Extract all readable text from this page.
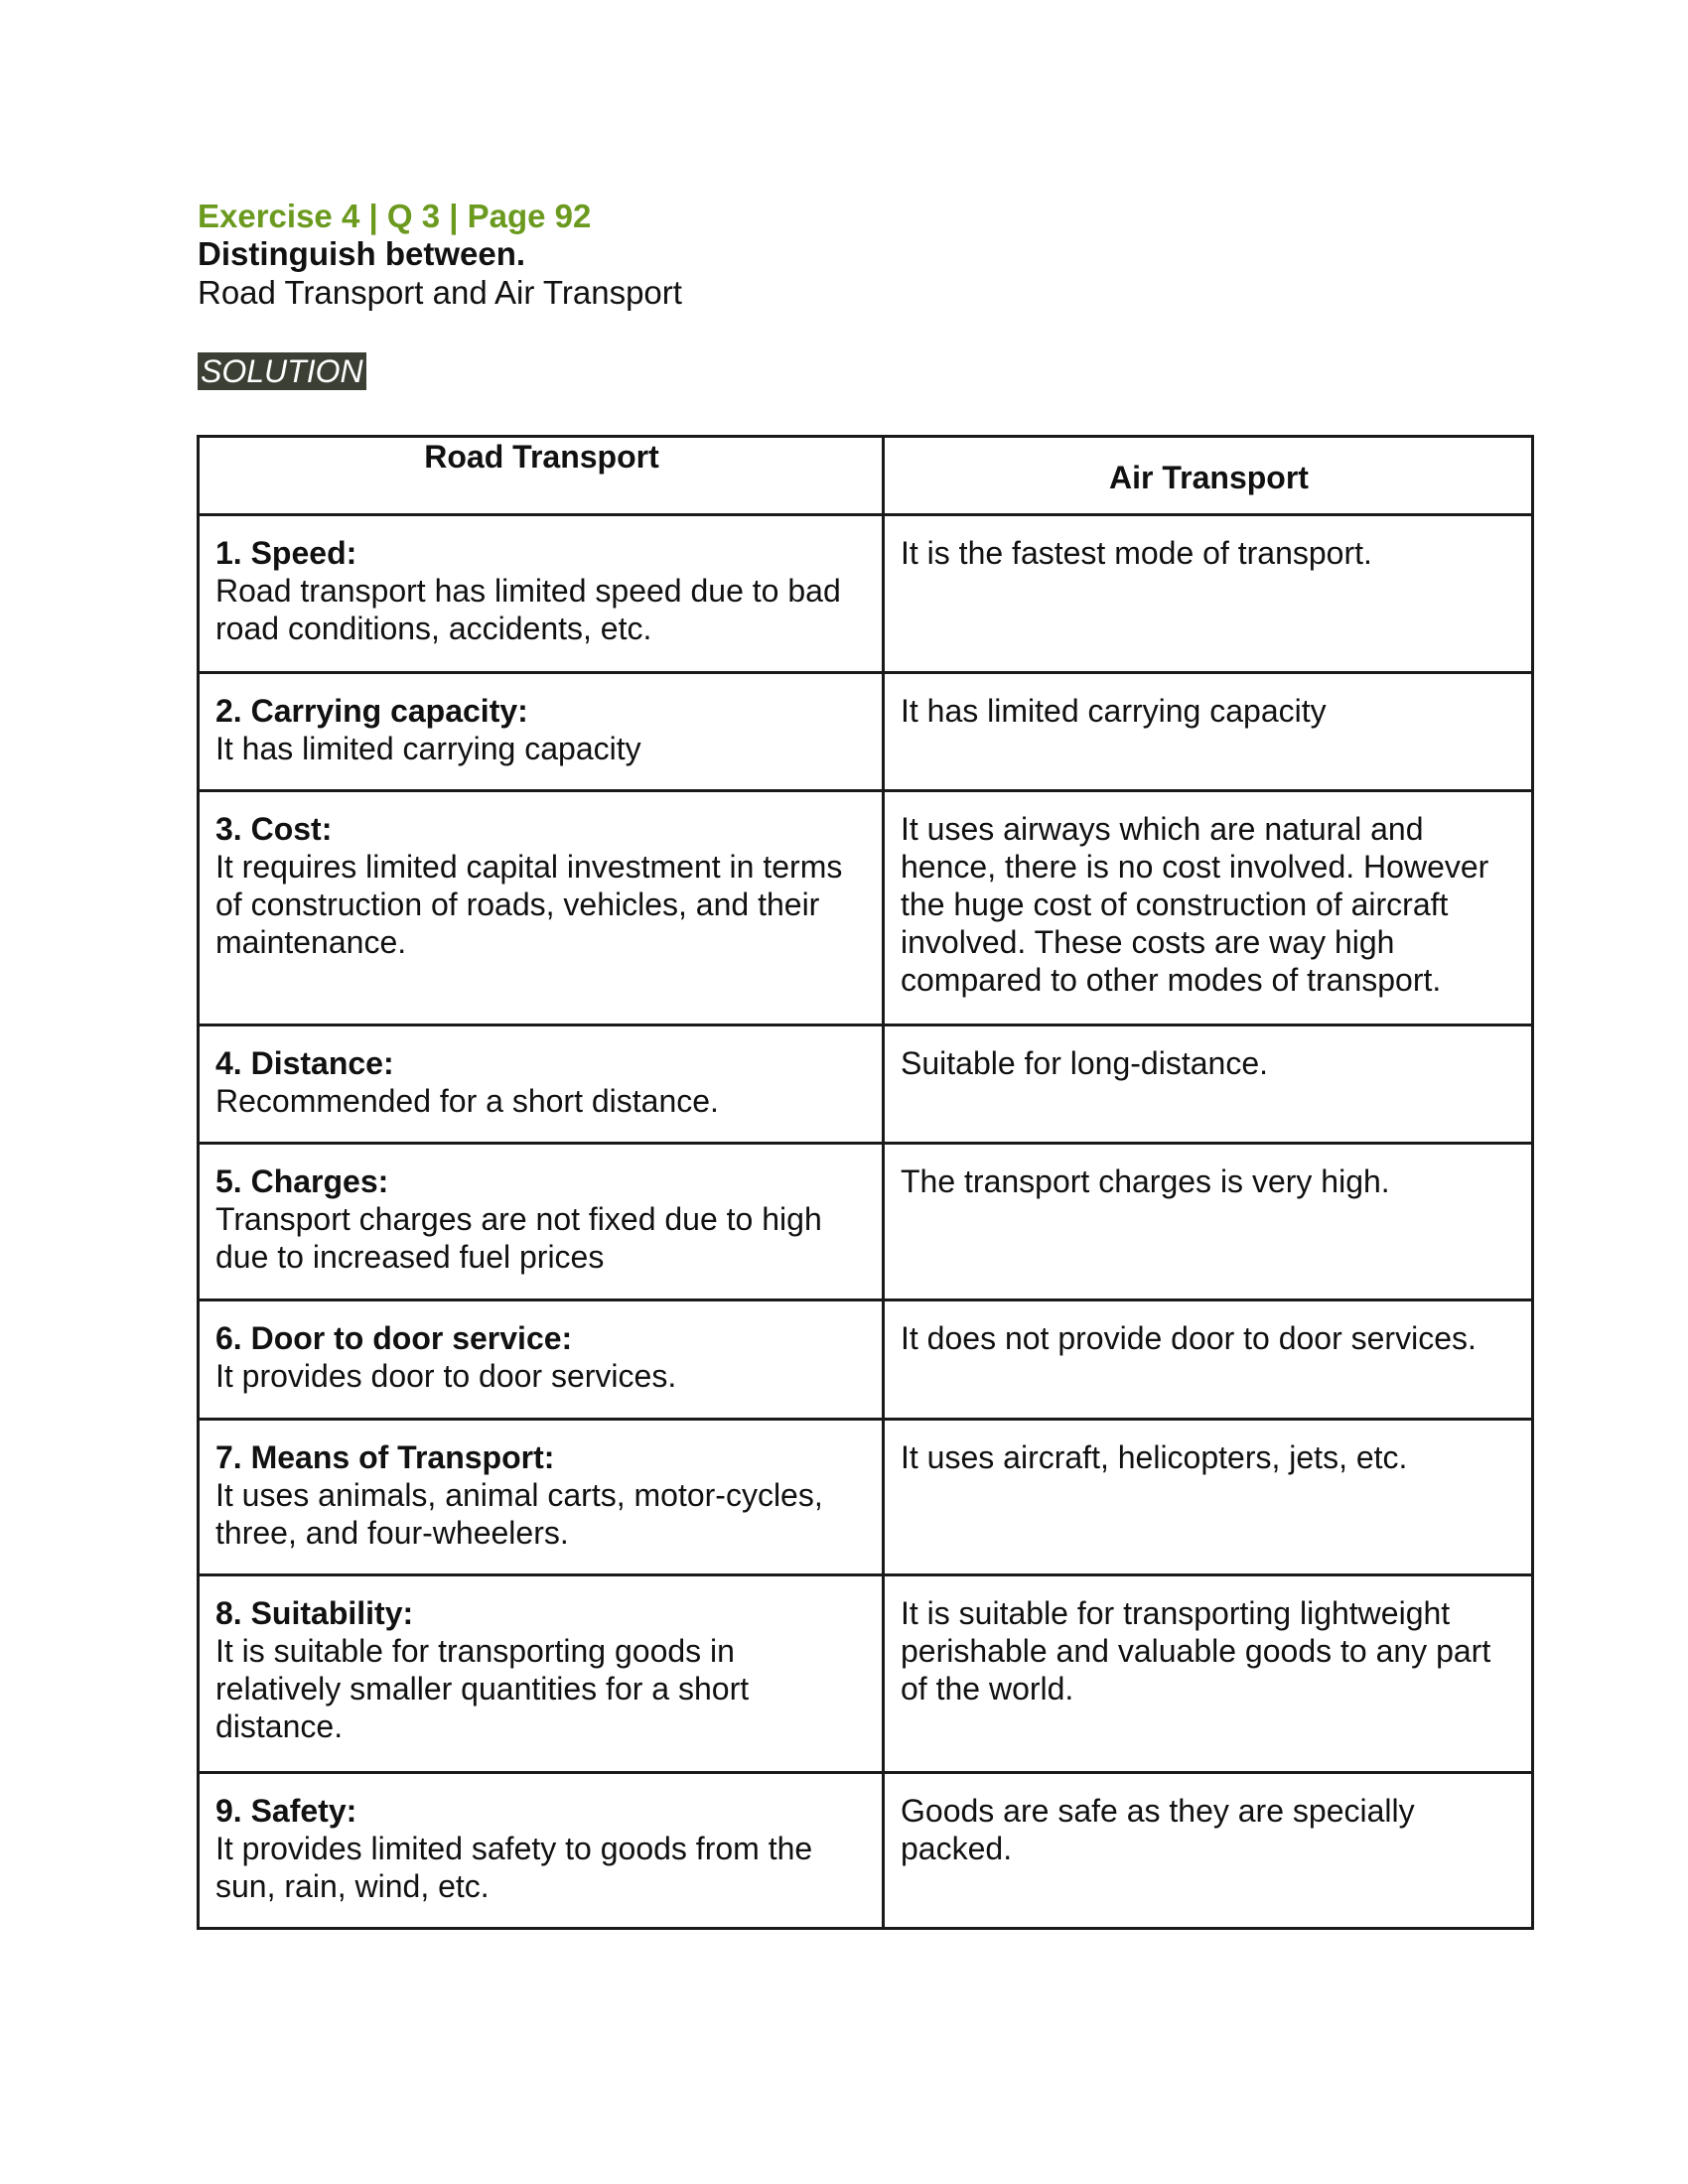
Exercise 4 | Q 3 | Page 92
Distinguish between.
Road Transport and Air Transport
SOLUTION
Road Transport	Air Transport

1. Speed:
Road transport has limited speed due to bad road conditions, accidents, etc.	It is the fastest mode of transport.

2. Carrying capacity:
It has limited carrying capacity	It has limited carrying capacity

3. Cost:
It requires limited capital investment in terms of construction of roads, vehicles, and their maintenance.	It uses airways which are natural and hence, there is no cost involved. However the huge cost of construction of aircraft involved. These costs are way high compared to other modes of transport.

4. Distance:
Recommended for a short distance.	Suitable for long-distance.

5. Charges:
Transport charges are not fixed due to high due to increased fuel prices	The transport charges is very high.

6. Door to door service:
It provides door to door services.	It does not provide door to door services.

7. Means of Transport:
It uses animals, animal carts, motor-cycles, three, and four-wheelers.	It uses aircraft, helicopters, jets, etc.

8. Suitability:
It is suitable for transporting goods in relatively smaller quantities for a short distance.	It is suitable for transporting lightweight perishable and valuable goods to any part of the world.

9. Safety:
It provides limited safety to goods from the sun, rain, wind, etc.	Goods are safe as they are specially packed.
